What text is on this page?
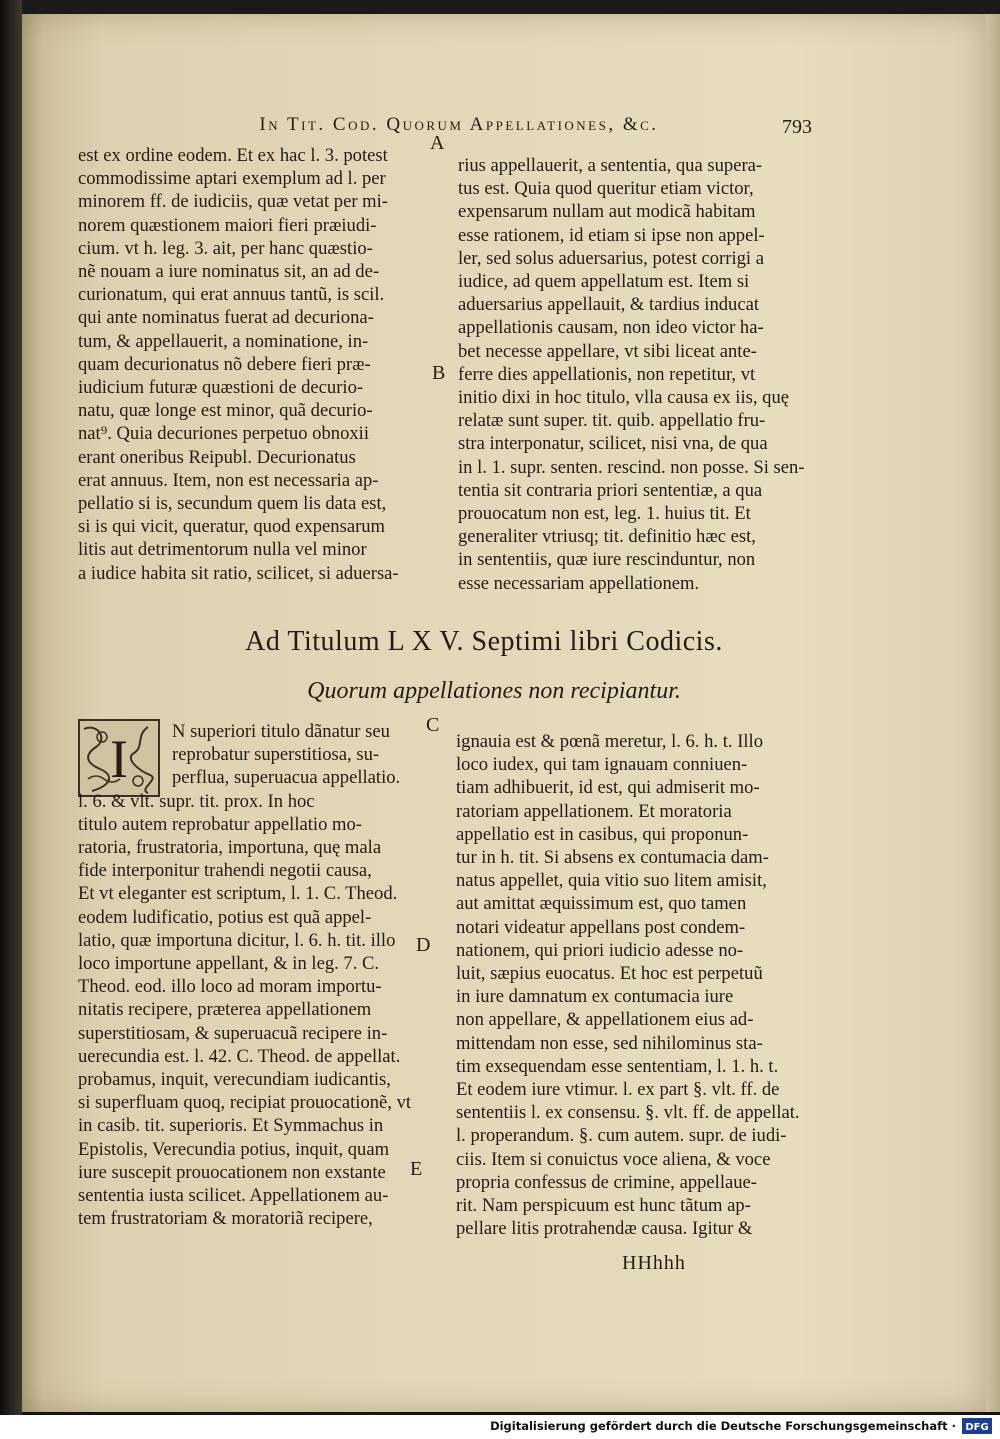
In Tit. Cod. Quorum Appellationes, &c.	793
est ex ordine eodem. Et ex hac l. 3. potest
commodissime aptari exemplum ad l. per
minorem ff. de iudiciis, quæ vetat per mi-
norem quæstionem maiori fieri præiudi-
cium. vt h. leg. 3. ait, per hanc quæstio-
nẽ nouam a iure nominatus sit, an ad de-
curionatum, qui erat annuus tantũ, is scil.
qui ante nominatus fuerat ad decuriona-
tum, & appellauerit, a nominatione, in-
quam decurionatus nõ debere fieri præ-
iudicium futuræ quæstioni de decurio-
natu, quæ longe est minor, quã decurio-
nat⁹. Quia decuriones perpetuo obnoxii
erant oneribus Reipubl. Decurionatus
erat annuus. Item, non est necessaria ap-
pellatio si is, secundum quem lis data est,
si is qui vicit, queratur, quod expensarum
litis aut detrimentorum nulla vel minor
a iudice habita sit ratio, scilicet, si aduersa-
rius appellauerit, a sententia, qua superа-
tus est. Quia quod queritur etiam victor,
expensarum nullam aut modicã habitam
esse rationem, id etiam si ipse non appel-
ler, sed solus aduersarius, potest corrigi a
iudice, ad quem appellatum est. Item si
aduersarius appellauit, & tardius inducat
appellationis causam, non ideo victor ha-
bet necesse appellare, vt sibi liceat ante-
ferre dies appellationis, non repetitur, vt
initio dixi in hoc titulo, vlla causa ex iis, quę
relatæ sunt super. tit. quib. appellatio fru-
stra interponatur, scilicet, nisi vna, de qua
in l. 1. supr. senten. rescind. non posse. Si sen-
tentia sit contraria priori sententiæ, a qua
prouocatum non est, leg. 1. huius tit. Et
generaliter vtriusq; tit. definitio hæc est,
in sententiis, quæ iure rescinduntur, non
esse necessariam appellationem.
A
B
Ad Titulum L X V. Septimi libri Codicis.
Quorum appellationes non recipiantur.
I	N superiori titulo dãnatur seu
reprobatur superstitiosa, su-
perflua, superuacua appellatio.
l. 6. & vlt. supr. tit. prox. In hoc
titulo autem reprobatur appellatio mo-
ratoria, frustratoria, importuna, quę mala
fide interponitur trahendi negotii causa,
Et vt eleganter est scriptum, l. 1. C. Theod.
eodem ludificatio, potius est quã appel-
latio, quæ importuna dicitur, l. 6. h. tit. illo
loco importune appellant, & in leg. 7. C.
Theod. eod. illo loco ad moram importu-
nitatis recipere, præterea appellationem
superstitiosam, & superuacuã recipere in-
uerecundia est. l. 42. C. Theod. de appellat.
probamus, inquit, verecundiam iudicantis,
si superfluam quoq, recipiat prouocationẽ, vt
in casib. tit. superioris. Et Symmachus in
Epistolis, Verecundia potius, inquit, quam
iure suscepit prouocationem non exstante
sententia iusta scilicet. Appellationem au-
tem frustratoriam & moratoriã recipere,
ignauia est & pœnã meretur, l. 6. h. t. Illo
loco iudex, qui tam ignauam conniuen-
tiam adhibuerit, id est, qui admiserit mo-
ratoriam appellationem. Et moratoria
appellatio est in casibus, qui proponun-
tur in h. tit. Si absens ex contumacia dam-
natus appellet, quia vitio suo litem amisit,
aut amittat æquissimum est, quo tamen
notari videatur appellans post condem-
nationem, qui priori iudicio adesse no-
luit, sæpius euocatus. Et hoc est perpetuũ
in iure damnatum ex contumacia iure
non appellare, & appellationem eius ad-
mittendam non esse, sed nihilominus sta-
tim exsequendam esse sententiam, l. 1. h. t.
Et eodem iure vtimur. l. ex part §. vlt. ff. de
sententiis l. ex consensu. §. vlt. ff. de appellat.
l. properandum. §. cum autem. supr. de iudi-
ciis. Item si conuictus voce aliena, & voce
propria confessus de crimine, appellaue-
rit. Nam perspicuum est hunc tãtum ap-
pellare litis protrahendæ causa. Igitur &
C
D
E
HHhhh
Digitalisierung gefördert durch die Deutsche Forschungsgemeinschaft · DFG
